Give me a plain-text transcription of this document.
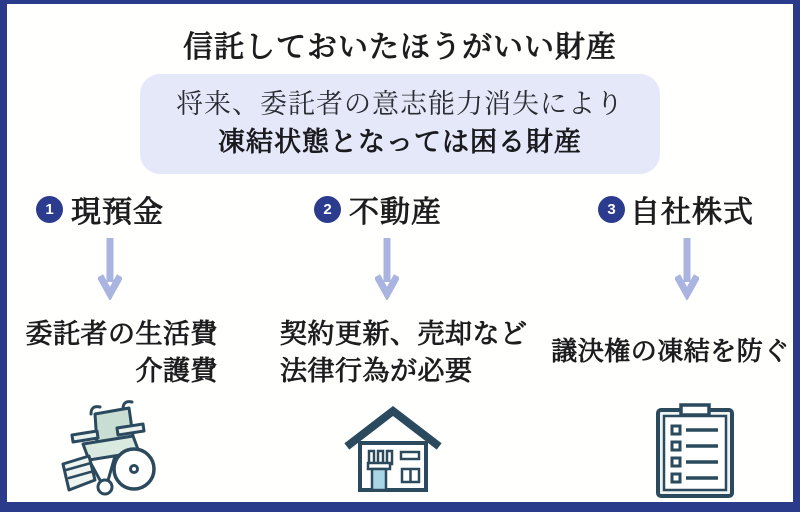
信託しておいたほうがいい財産
将来、委託者の意志能力消失により
凍結状態となっては困る財産
1 現預金	2 不動産	3 自社株式
委託者の生活費
介護費
契約更新、売却など
法律行為が必要
議決権の凍結を防ぐ
